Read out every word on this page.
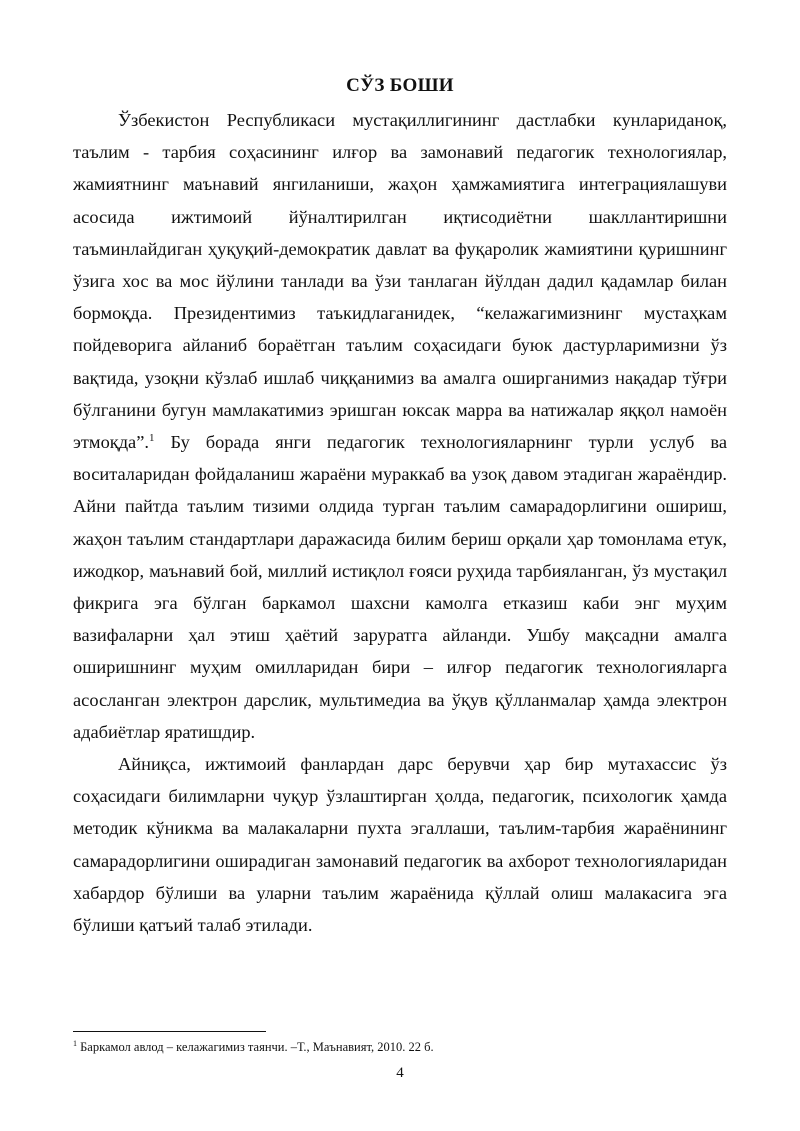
СЎЗ БОШИ

Ўзбекистон Республикаси мустақиллигининг дастлабки кунлариданоқ, таълим - тарбия соҳасининг илғор ва замонавий педагогик технологиялар, жамиятнинг маънавий янгиланиши, жаҳон ҳамжамиятига интеграциялашуви асосида ижтимоий йўналтирилган иқтисодиётни шакллантиришни таъминлайдиган ҳуқуқий-демократик давлат ва фуқаролик жамиятини қуришнинг ўзига хос ва мос йўлини танлади ва ўзи танлаган йўлдан дадил қадамлар билан бормоқда. Президентимиз таъкидлаганидек, “келажагимизнинг мустаҳкам пойдеворига айланиб бораётган таълим соҳасидаги буюк дастурларимизни ўз вақтида, узоқни кўзлаб ишлаб чиққанимиз ва амалга оширганимиз нақадар тўғри бўлганини бугун мамлакатимиз эришган юксак марра ва натижалар яққол намоён этмоқда”.$^1$ Бу борада янги педагогик технологияларнинг турли услуб ва воситаларидан фойдаланиш жараёни мураккаб ва узоқ давом этадиган жараёндир. Айни пайтда таълим тизими олдида турган таълим самарадорлигини ошириш, жаҳон таълим стандартлари даражасида билим бериш орқали ҳар томонлама етук, ижодкор, маънавий бой, миллий истиқлол ғояси руҳида тарбияланган, ўз мустақил фикрига эга бўлган баркамол шахсни камолга етказиш каби энг муҳим вазифаларни ҳал этиш ҳаётий заруратга айланди. Ушбу мақсадни амалга оширишнинг муҳим омилларидан бири – илғор педагогик технологияларга асосланган электрон дарслик, мультимедиа ва ўқув қўлланмалар ҳамда электрон адабиётлар яратишдир.

Айниқса, ижтимоий фанлардан дарс берувчи ҳар бир мутахассис ўз соҳасидаги билимларни чуқур ўзлаштирган ҳолда, педагогик, психологик ҳамда методик кўникма ва малакаларни пухта эгаллаши, таълим-тарбия жараёнининг самарадорлигини оширадиган замонавий педагогик ва ахборот технологияларидан хабардор бўлиши ва уларни таълим жараёнида қўллай олиш малакасига эга бўлиши қатъий талаб этилади.

$^1$ Баркамол авлод – келажагимиз таянчи. –Т., Маънавият, 2010. 22 б.

4
